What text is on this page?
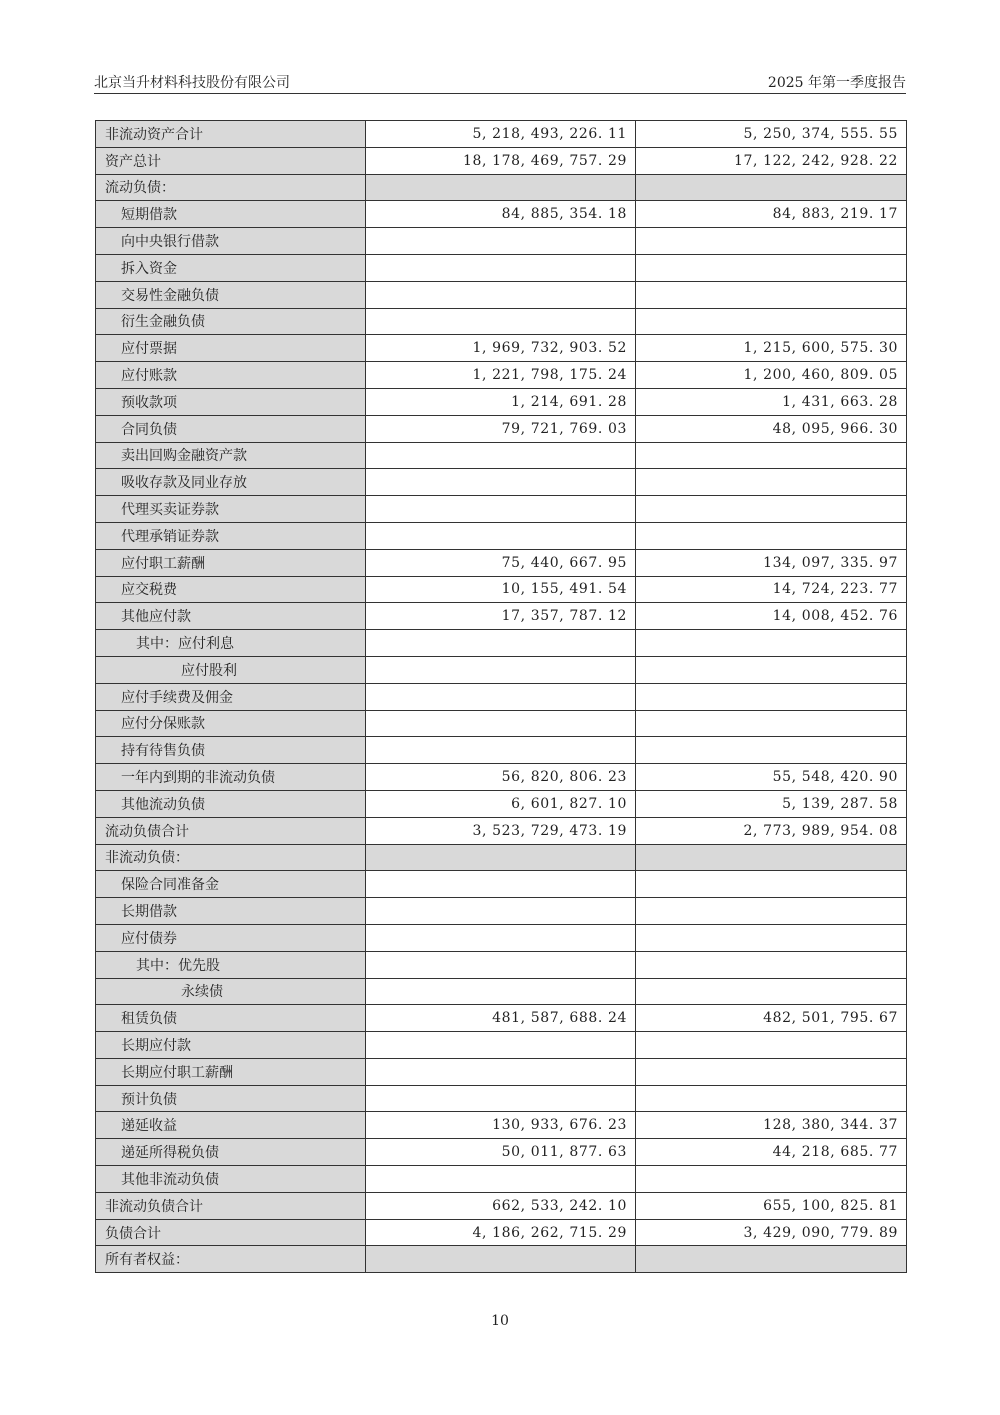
北京当升材料科技股份有限公司	2025 年第一季度报告
非流动资产合计	5, 218, 493, 226. 11	5, 250, 374, 555. 55
资产总计	18, 178, 469, 757. 29	17, 122, 242, 928. 22
流动负债：		
短期借款	84, 885, 354. 18	84, 883, 219. 17
向中央银行借款		
拆入资金		
交易性金融负债		
衍生金融负债		
应付票据	1, 969, 732, 903. 52	1, 215, 600, 575. 30
应付账款	1, 221, 798, 175. 24	1, 200, 460, 809. 05
预收款项	1, 214, 691. 28	1, 431, 663. 28
合同负债	79, 721, 769. 03	48, 095, 966. 30
卖出回购金融资产款		
吸收存款及同业存放		
代理买卖证券款		
代理承销证券款		
应付职工薪酬	75, 440, 667. 95	134, 097, 335. 97
应交税费	10, 155, 491. 54	14, 724, 223. 77
其他应付款	17, 357, 787. 12	14, 008, 452. 76
其中：应付利息		
应付股利		
应付手续费及佣金		
应付分保账款		
持有待售负债		
一年内到期的非流动负债	56, 820, 806. 23	55, 548, 420. 90
其他流动负债	6, 601, 827. 10	5, 139, 287. 58
流动负债合计	3, 523, 729, 473. 19	2, 773, 989, 954. 08
非流动负债：		
保险合同准备金		
长期借款		
应付债券		
其中：优先股		
永续债		
租赁负债	481, 587, 688. 24	482, 501, 795. 67
长期应付款		
长期应付职工薪酬		
预计负债		
递延收益	130, 933, 676. 23	128, 380, 344. 37
递延所得税负债	50, 011, 877. 63	44, 218, 685. 77
其他非流动负债		
非流动负债合计	662, 533, 242. 10	655, 100, 825. 81
负债合计	4, 186, 262, 715. 29	3, 429, 090, 779. 89
所有者权益：		
10
